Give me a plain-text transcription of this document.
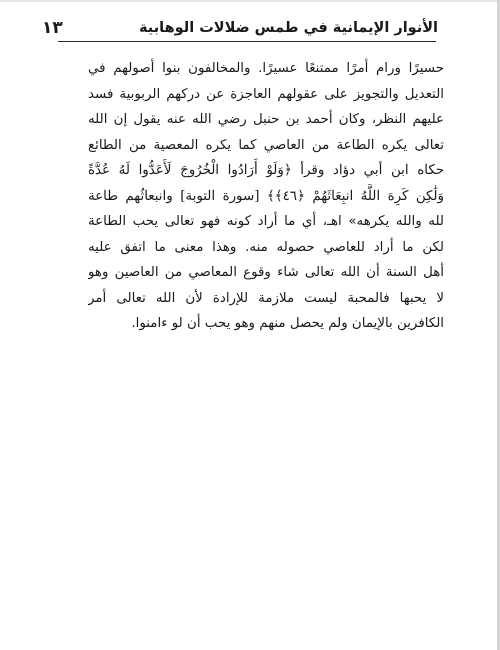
الأنوار الإيمانية في طمس ضلالات الوهابية
١٣
حسيرًا ورام أمرًا ممتنعًا عسيرًا. والمخالفون بنوا أصولهم في
التعديل والتجويز على عقولهم العاجزة عن دركهم الربوبية فسد
عليهم النظر، وكان أحمد بن حنبل رضي الله عنه يقول إن الله
تعالى يكره الطاعة من العاصي كما يكره المعصية من الطائع
حكاه ابن أبي دؤاد وقرأ ﴿وَلَوْ أَرَادُوا الْخُرُوجَ لَأَعَدُّوا لَهُ عُدَّةً
وَلَٰكِن كَرِهَ اللَّهُ انبِعَاثَهُمْ ﴿٤٦﴾﴾ [سورة التوبة] وانبعاثُهم طاعة
لله والله يكرهه» اهـ، أي ما أراد كونه فهو تعالى يحب الطاعة
لكن ما أراد للعاصي حصوله منه. وهذا معنى ما اتفق عليه
أهل السنة أن الله تعالى شاء وقوع المعاصي من العاصين وهو
لا يحبها فالمحبة ليست ملازمة للإرادة لأن الله تعالى أمر
الكافرين بالإيمان ولم يحصل منهم وهو يحب أن لو ءامنوا.
